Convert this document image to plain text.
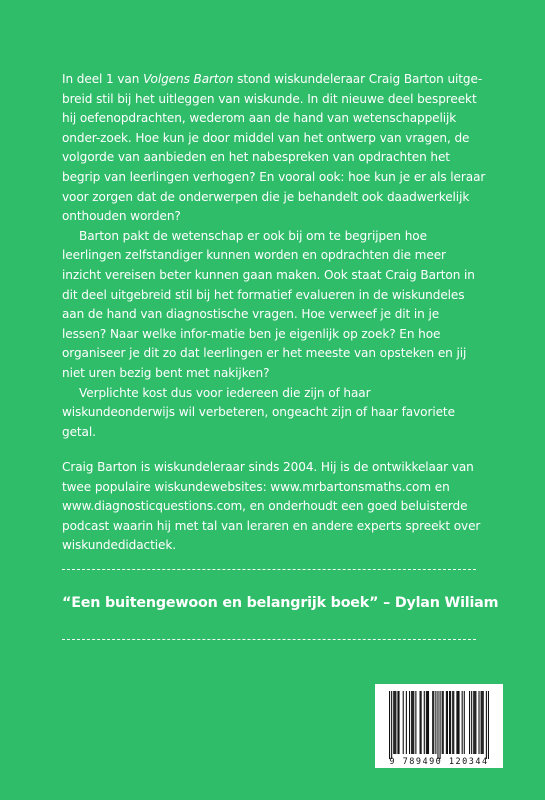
In deel 1 van Volgens Barton stond wiskundeleraar Craig Barton uitge-breid stil bij het uitleggen van wiskunde. In dit nieuwe deel bespreekt hij oefenopdrachten, wederom aan de hand van wetenschappelijk onder-zoek. Hoe kun je door middel van het ontwerp van vragen, de volgorde van aanbieden en het nabespreken van opdrachten het begrip van leerlingen verhogen? En vooral ook: hoe kun je er als leraar voor zorgen dat de onderwerpen die je behandelt ook daadwerkelijk onthouden worden?

Barton pakt de wetenschap er ook bij om te begrijpen hoe leerlingen zelfstandiger kunnen worden en opdrachten die meer inzicht vereisen beter kunnen gaan maken. Ook staat Craig Barton in dit deel uitgebreid stil bij het formatief evalueren in de wiskundeles aan de hand van diagnostische vragen. Hoe verweef je dit in je lessen? Naar welke infor-matie ben je eigenlijk op zoek? En hoe organiseer je dit zo dat leerlingen er het meeste van opsteken en jij niet uren bezig bent met nakijken?

Verplichte kost dus voor iedereen die zijn of haar wiskundeonderwijs wil verbeteren, ongeacht zijn of haar favoriete getal.

Craig Barton is wiskundeleraar sinds 2004. Hij is de ontwikkelaar van twee populaire wiskundewebsites: www.mrbartonsmaths.com en www.diagnosticquestions.com, en onderhoudt een goed beluisterde podcast waarin hij met tal van leraren en andere experts spreekt over wiskundedidactiek.

“Een buitengewoon en belangrijk boek” – Dylan Wiliam
9 789490 120344
